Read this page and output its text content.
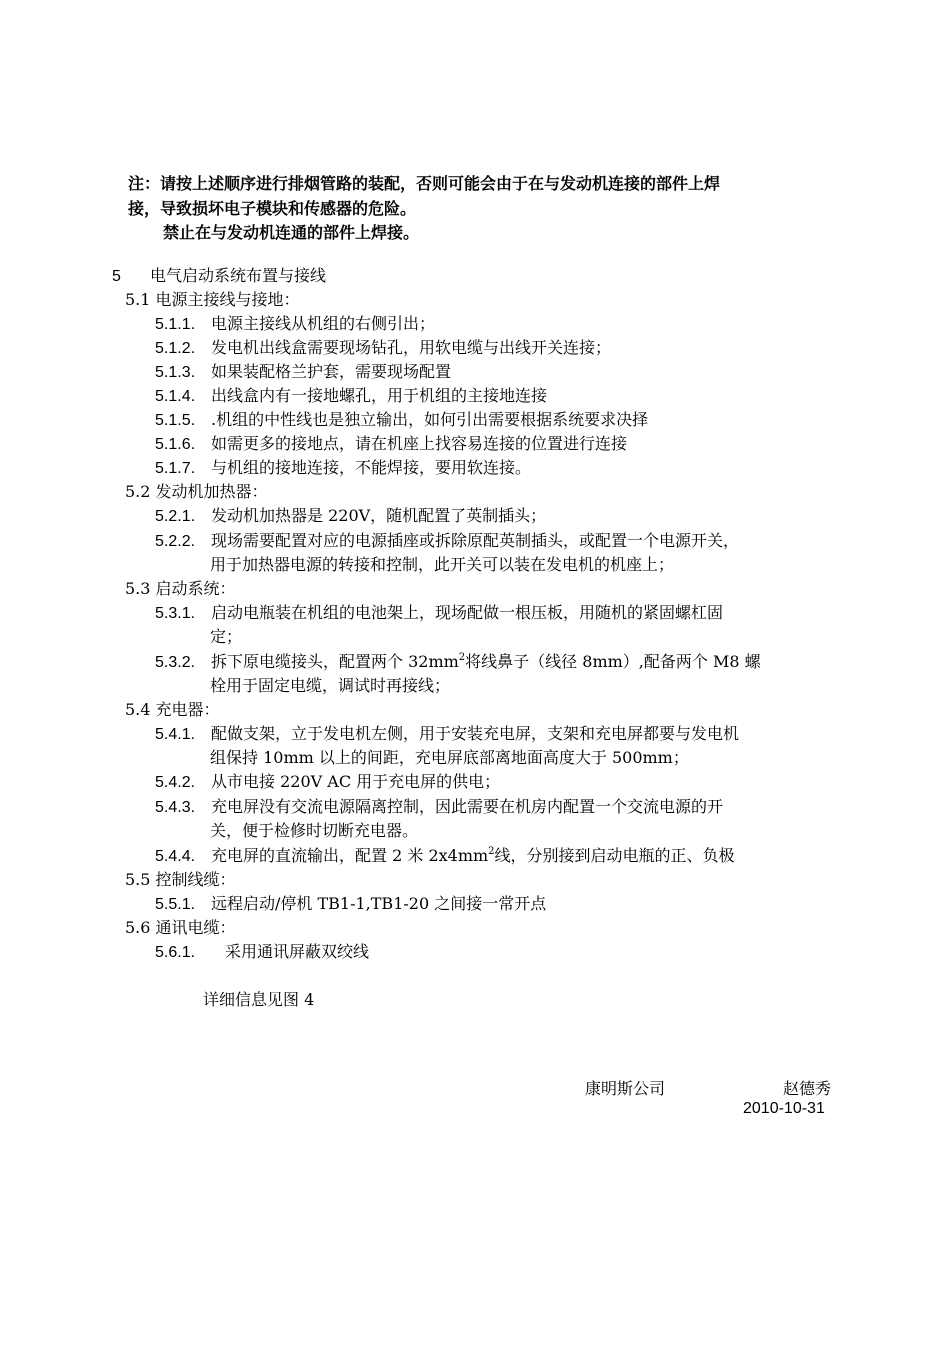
注：请按上述顺序进行排烟管路的装配，否则可能会由于在与发动机连接的部件上焊
接，导致损坏电子模块和传感器的危险。
禁止在与发动机连通的部件上焊接。
5 电气启动系统布置与接线
5.1 电源主接线与接地：
5.1.1. 电源主接线从机组的右侧引出；
5.1.2. 发电机出线盒需要现场钻孔，用软电缆与出线开关连接；
5.1.3. 如果装配格兰护套，需要现场配置
5.1.4. 出线盒内有一接地螺孔，用于机组的主接地连接
5.1.5. .机组的中性线也是独立输出，如何引出需要根据系统要求决择
5.1.6. 如需更多的接地点，请在机座上找容易连接的位置进行连接
5.1.7. 与机组的接地连接，不能焊接，要用软连接。
5.2 发动机加热器：
5.2.1. 发动机加热器是 220V，随机配置了英制插头；
5.2.2. 现场需要配置对应的电源插座或拆除原配英制插头，或配置一个电源开关，
用于加热器电源的转接和控制，此开关可以装在发电机的机座上；
5.3 启动系统：
5.3.1. 启动电瓶装在机组的电池架上，现场配做一根压板，用随机的紧固螺杠固
定；
5.3.2. 拆下原电缆接头，配置两个 $32mm^2$将线鼻子（线径 8mm）,配备两个 M8 螺
栓用于固定电缆，调试时再接线；
5.4 充电器：
5.4.1. 配做支架，立于发电机左侧，用于安装充电屏，支架和充电屏都要与发电机
组保持 10mm 以上的间距，充电屏底部离地面高度大于 500mm；
5.4.2. 从市电接 220V AC 用于充电屏的供电；
5.4.3. 充电屏没有交流电源隔离控制，因此需要在机房内配置一个交流电源的开
关，便于检修时切断充电器。
5.4.4. 充电屏的直流输出，配置 2 米 $2x4mm^2$线，分别接到启动电瓶的正、负极
5.5 控制线缆：
5.5.1. 远程启动/停机 TB1-1,TB1-20 之间接一常开点
5.6 通讯电缆：
5.6.1. 采用通讯屏蔽双绞线
详细信息见图 4
康明斯公司	赵德秀
2010-10-31
